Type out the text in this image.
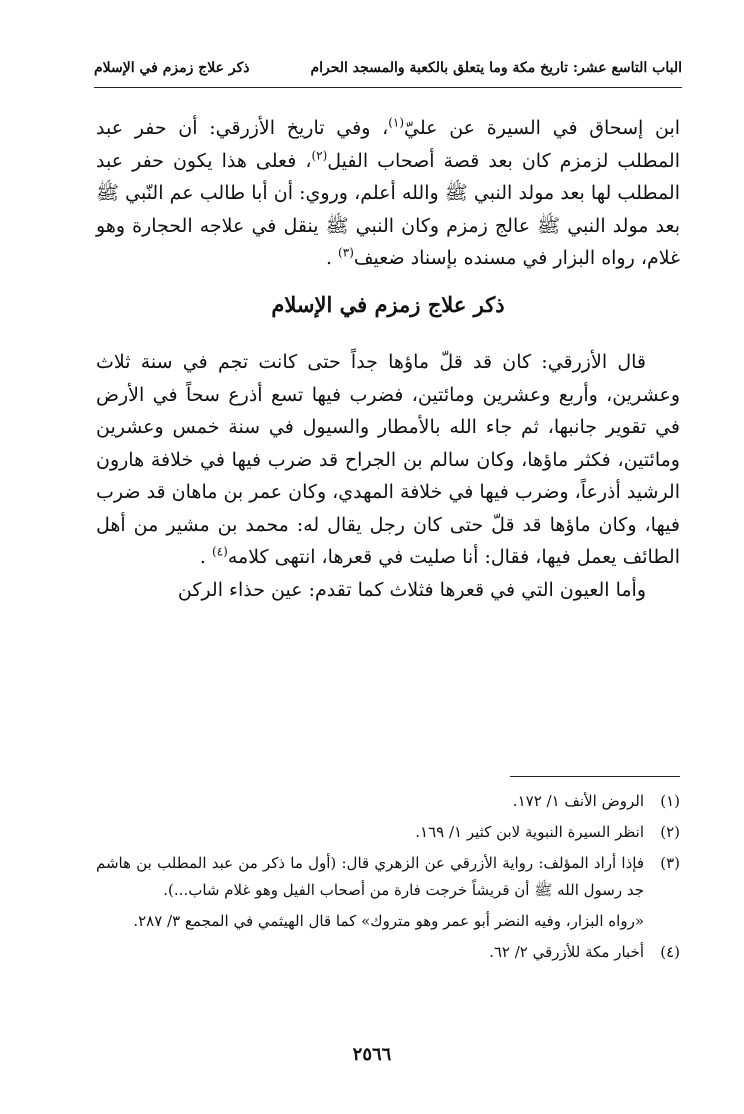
الباب التاسع عشر: تاريخ مكة وما يتعلق بالكعبة والمسجد الحرام
ذكر علاج زمزم في الإسلام

ابن إسحاق في السيرة عن عليّ$^{(١)}$، وفي تاريخ الأزرقي: أن حفر عبد المطلب لزمزم كان بعد قصة أصحاب الفيل$^{(٢)}$، فعلى هذا يكون حفر عبد المطلب لها بعد مولد النبي ﷺ والله أعلم، وروي: أن أبا طالب عم النّبي ﷺ بعد مولد النبي ﷺ عالج زمزم وكان النبي ﷺ ينقل في علاجه الحجارة وهو غلام، رواه البزار في مسنده بإسناد ضعيف$^{(٣)}$ .

ذكر علاج زمزم في الإسلام

قال الأزرقي: كان قد قلّ ماؤها جداً حتى كانت تجم في سنة ثلاث وعشرين، وأربع وعشرين ومائتين، فضرب فيها تسع أذرع سحاً في الأرض في تقوير جانبها، ثم جاء الله بالأمطار والسيول في سنة خمس وعشرين ومائتين، فكثر ماؤها، وكان سالم بن الجراح قد ضرب فيها في خلافة هارون الرشيد أذرعاً، وضرب فيها في خلافة المهدي، وكان عمر بن ماهان قد ضرب فيها، وكان ماؤها قد قلّ حتى كان رجل يقال له: محمد بن مشير من أهل الطائف يعمل فيها، فقال: أنا صليت في قعرها، انتهى كلامه$^{(٤)}$ .

وأما العيون التي في قعرها فثلاث كما تقدم: عين حذاء الركن

(١)

الروض الأنف ١/ ١٧٢.

(٢)

انظر السيرة النبوية لابن كثير ١/ ١٦٩.

(٣)

فإذا أراد المؤلف: رواية الأزرقي عن الزهري قال: (أول ما ذكر من عبد المطلب بن هاشم جد رسول الله ﷺ أن قريشاً خرجت فارة من أصحاب الفيل وهو غلام شاب...).

«رواه البزار، وفيه النضر أبو عمر وهو متروك» كما قال الهيثمي في المجمع ٣/ ٢٨٧.

(٤)

أخبار مكة للأزرقي ٢/ ٦٢.

٢٥٦٦
